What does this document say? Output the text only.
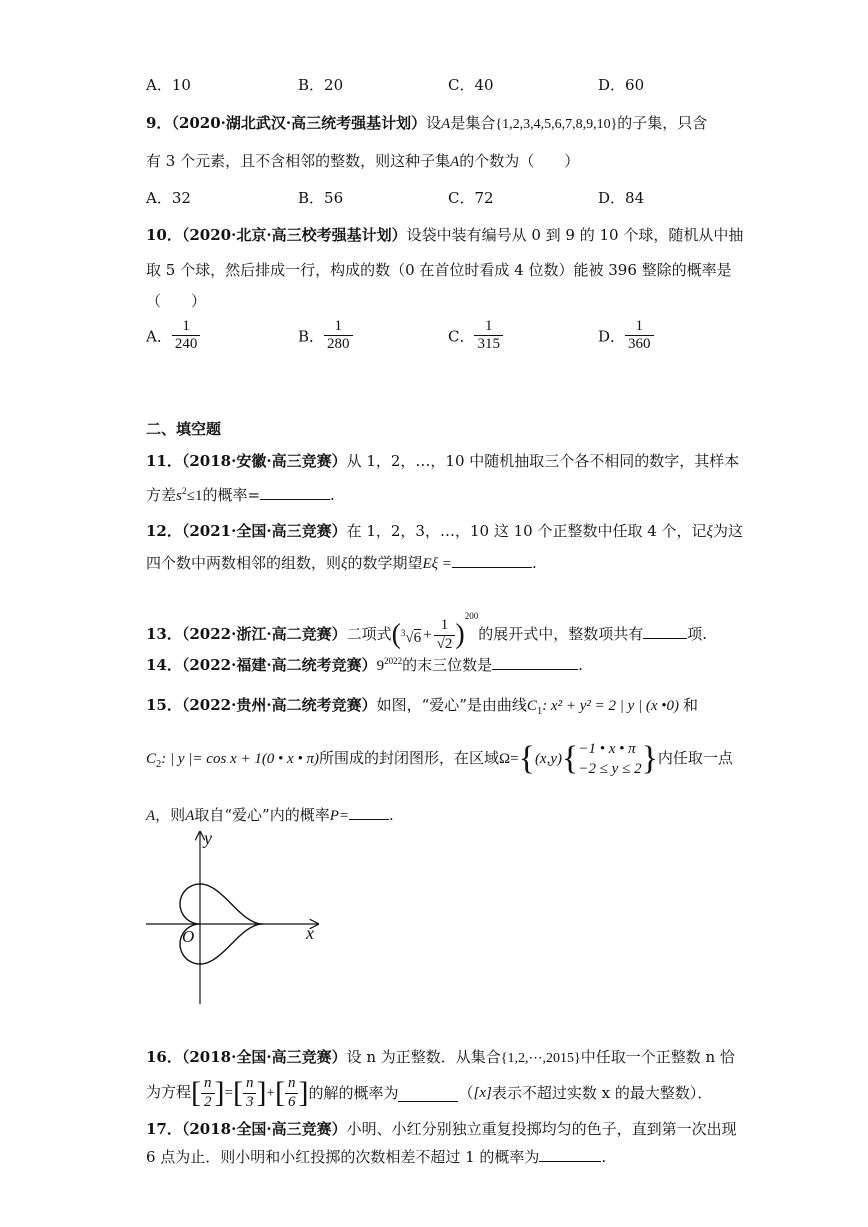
A．10	B．20	C．40	D．60
9．（2020·湖北武汉·高三统考强基计划）设A是集合{1,2,3,4,5,6,7,8,9,10}的子集，只含
有 3 个元素，且不含相邻的整数，则这种子集A的个数为（　　）
A．32	B．56	C．72	D．84
10．（2020·北京·高三校考强基计划）设袋中装有编号从 0 到 9 的 10 个球，随机从中抽
取 5 个球，然后排成一行，构成的数（0 在首位时看成 4 位数）能被 396 整除的概率是
（　　）
A． $\frac{1}{240}$	B． $\frac{1}{280}$	C． $\frac{1}{315}$	D． $\frac{1}{360}$
二、填空题
11．（2018·安徽·高三竞赛）从 1，2，…，10 中随机抽取三个各不相同的数字，其样本
方差$s^2\le 1$的概率=	.
12．（2021·全国·高三竞赛）在 1，2，3，…，10 这 10 个正整数中任取 4 个，记ξ为这
四个数中两数相邻的组数，则ξ的数学期望Eξ =	.
13．（2022·浙江·高二竞赛）二项式$(^3√6 + \frac{1}{√2} )^{200}$的展开式中，整数项共有	项.
14．（2022·福建·高二统考竞赛）$9^{2022}$的末三位数是	.
15．（2022·贵州·高二统考竞赛）如图，“爱心”是由曲线$C_1$: x² + y² = 2 | y | (x •0) 和
$C_2$: | y |= cos x + 1(0 • x • π)所围成的封闭图形，在区域Ω={(x,y){ −1 • x • π
−2 ≤ y ≤ 2 }内任取一点
A，则A取自“爱心”内的概率P=	.
y
x
O
16．（2018·全国·高三竞赛）设 n 为正整数．从集合{1,2,⋯,2015}中任取一个正整数 n 恰
为方程[ $\frac{n}{2}$ ]=[ $\frac{n}{3}$ ]+[ $\frac{n}{6}$ ]的解的概率为	（[x]表示不超过实数 x 的最大整数）．
17．（2018·全国·高三竞赛）小明、小红分别独立重复投掷均匀的色子，直到第一次出现
6 点为止．则小明和小红投掷的次数相差不超过 1 的概率为	.
